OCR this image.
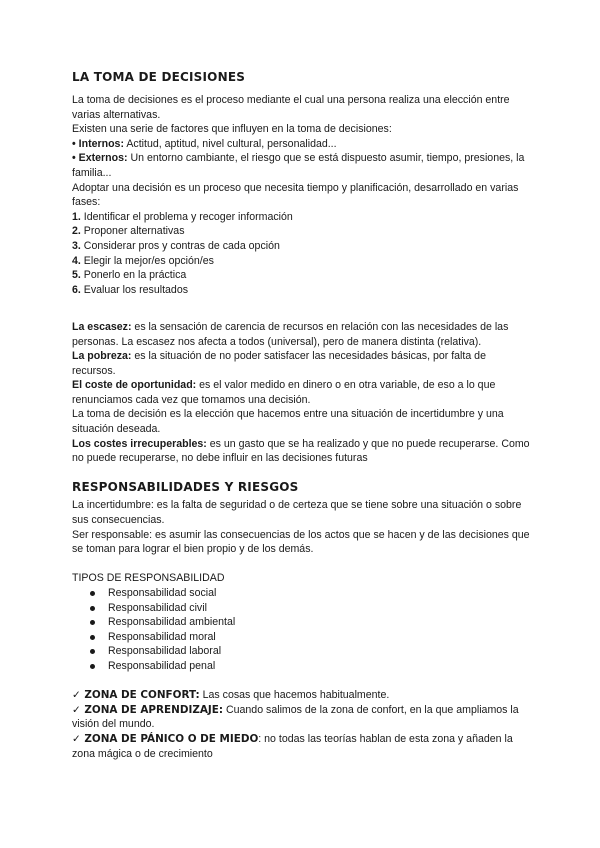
LA TOMA DE DECISIONES

La toma de decisiones es el proceso mediante el cual una persona realiza una elección entre varias alternativas.

Existen una serie de factores que influyen en la toma de decisiones:

• Internos: Actitud, aptitud, nivel cultural, personalidad...

• Externos: Un entorno cambiante, el riesgo que se está dispuesto asumir, tiempo, presiones, la familia...

Adoptar una decisión es un proceso que necesita tiempo y planificación, desarrollado en varias fases:

1. Identificar el problema y recoger información

2. Proponer alternativas

3. Considerar pros y contras de cada opción

4. Elegir la mejor/es opción/es

5. Ponerlo en la práctica

6. Evaluar los resultados

La escasez: es la sensación de carencia de recursos en relación con las necesidades de las personas. La escasez nos afecta a todos (universal), pero de manera distinta (relativa).

La pobreza: es la situación de no poder satisfacer las necesidades básicas, por falta de recursos.

El coste de oportunidad: es el valor medido en dinero o en otra variable, de eso a lo que renunciamos cada vez que tomamos una decisión.

La toma de decisión es la elección que hacemos entre una situación de incertidumbre y una situación deseada.

Los costes irrecuperables: es un gasto que se ha realizado y que no puede recuperarse. Como no puede recuperarse, no debe influir en las decisiones futuras

RESPONSABILIDADES Y RIESGOS

La incertidumbre: es la falta de seguridad o de certeza que se tiene sobre una situación o sobre sus consecuencias.

Ser responsable: es asumir las consecuencias de los actos que se hacen y de las decisiones que se toman para lograr el bien propio y de los demás.

TIPOS DE RESPONSABILIDAD

Responsabilidad social
Responsabilidad civil
Responsabilidad ambiental
Responsabilidad moral
Responsabilidad laboral
Responsabilidad penal

✓ ZONA DE CONFORT: Las cosas que hacemos habitualmente.

✓ ZONA DE APRENDIZAJE: Cuando salimos de la zona de confort, en la que ampliamos la visión del mundo.

✓ ZONA DE PÁNICO O DE MIEDO: no todas las teorías hablan de esta zona y añaden la zona mágica o de crecimiento
